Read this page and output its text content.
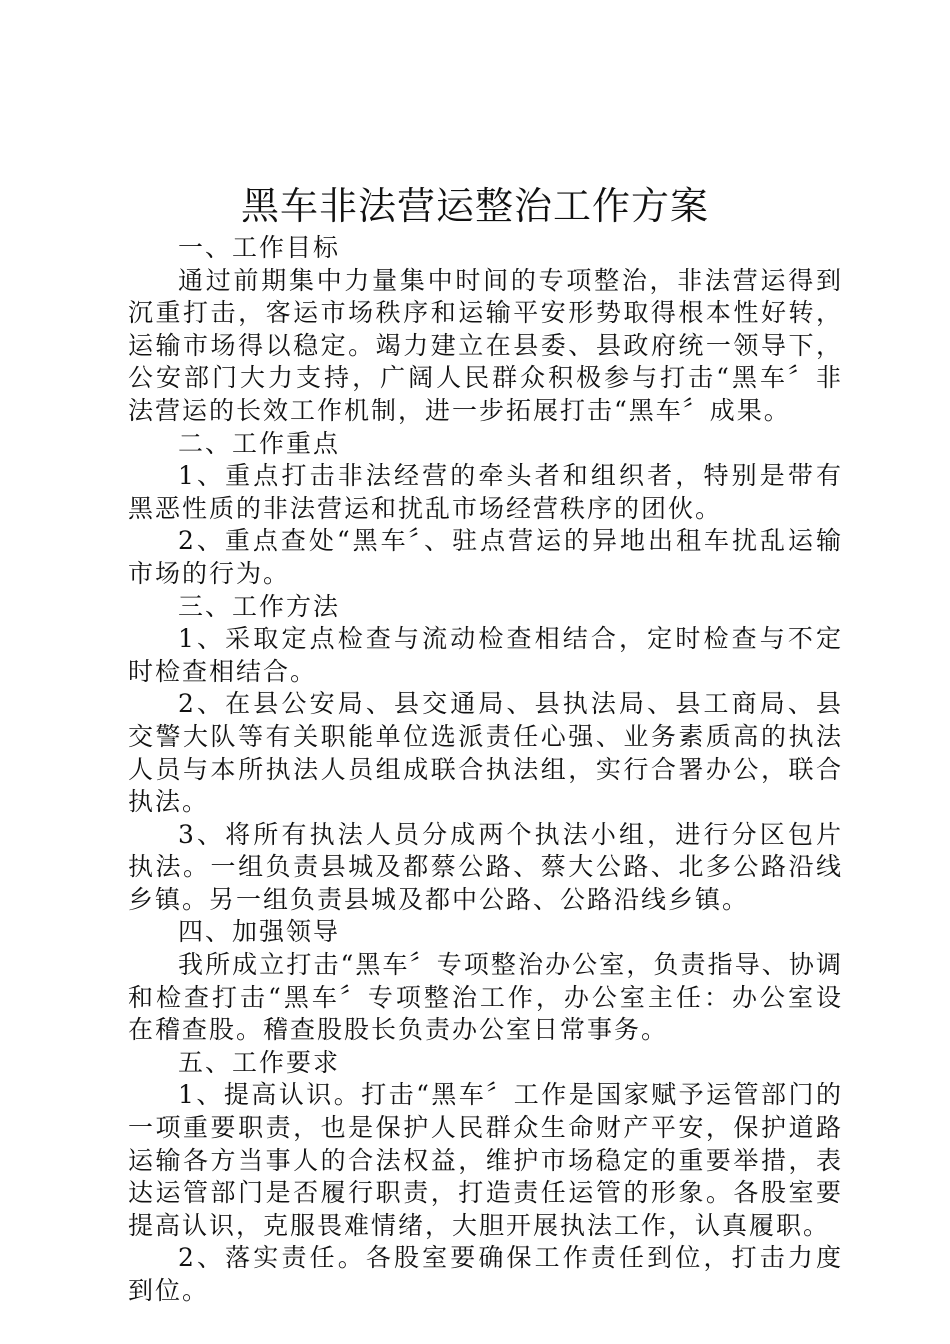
黑车非法营运整治工作方案

一、工作目标

通过前期集中力量集中时间的专项整治，非法营运得到沉重打击，客运市场秩序和运输平安形势取得根本性好转，运输市场得以稳定。竭力建立在县委、县政府统一领导下，公安部门大力支持，广阔人民群众积极参与打击“黑车〞非法营运的长效工作机制，进一步拓展打击“黑车〞成果。

二、工作重点

1、重点打击非法经营的牵头者和组织者，特别是带有黑恶性质的非法营运和扰乱市场经营秩序的团伙。

2、重点查处“黑车〞、驻点营运的异地出租车扰乱运输市场的行为。

三、工作方法

1、采取定点检查与流动检查相结合，定时检查与不定时检查相结合。

2、在县公安局、县交通局、县执法局、县工商局、县交警大队等有关职能单位选派责任心强、业务素质高的执法人员与本所执法人员组成联合执法组，实行合署办公，联合执法。

3、将所有执法人员分成两个执法小组，进行分区包片执法。一组负责县城及都蔡公路、蔡大公路、北多公路沿线乡镇。另一组负责县城及都中公路、公路沿线乡镇。

四、加强领导

我所成立打击“黑车〞专项整治办公室，负责指导、协调和检查打击“黑车〞专项整治工作，办公室主任：办公室设在稽查股。稽查股股长负责办公室日常事务。

五、工作要求

1、提高认识。打击“黑车〞工作是国家赋予运管部门的一项重要职责，也是保护人民群众生命财产平安，保护道路运输各方当事人的合法权益，维护市场稳定的重要举措，表达运管部门是否履行职责，打造责任运管的形象。各股室要提高认识，克服畏难情绪，大胆开展执法工作，认真履职。

2、落实责任。各股室要确保工作责任到位，打击力度到位。
